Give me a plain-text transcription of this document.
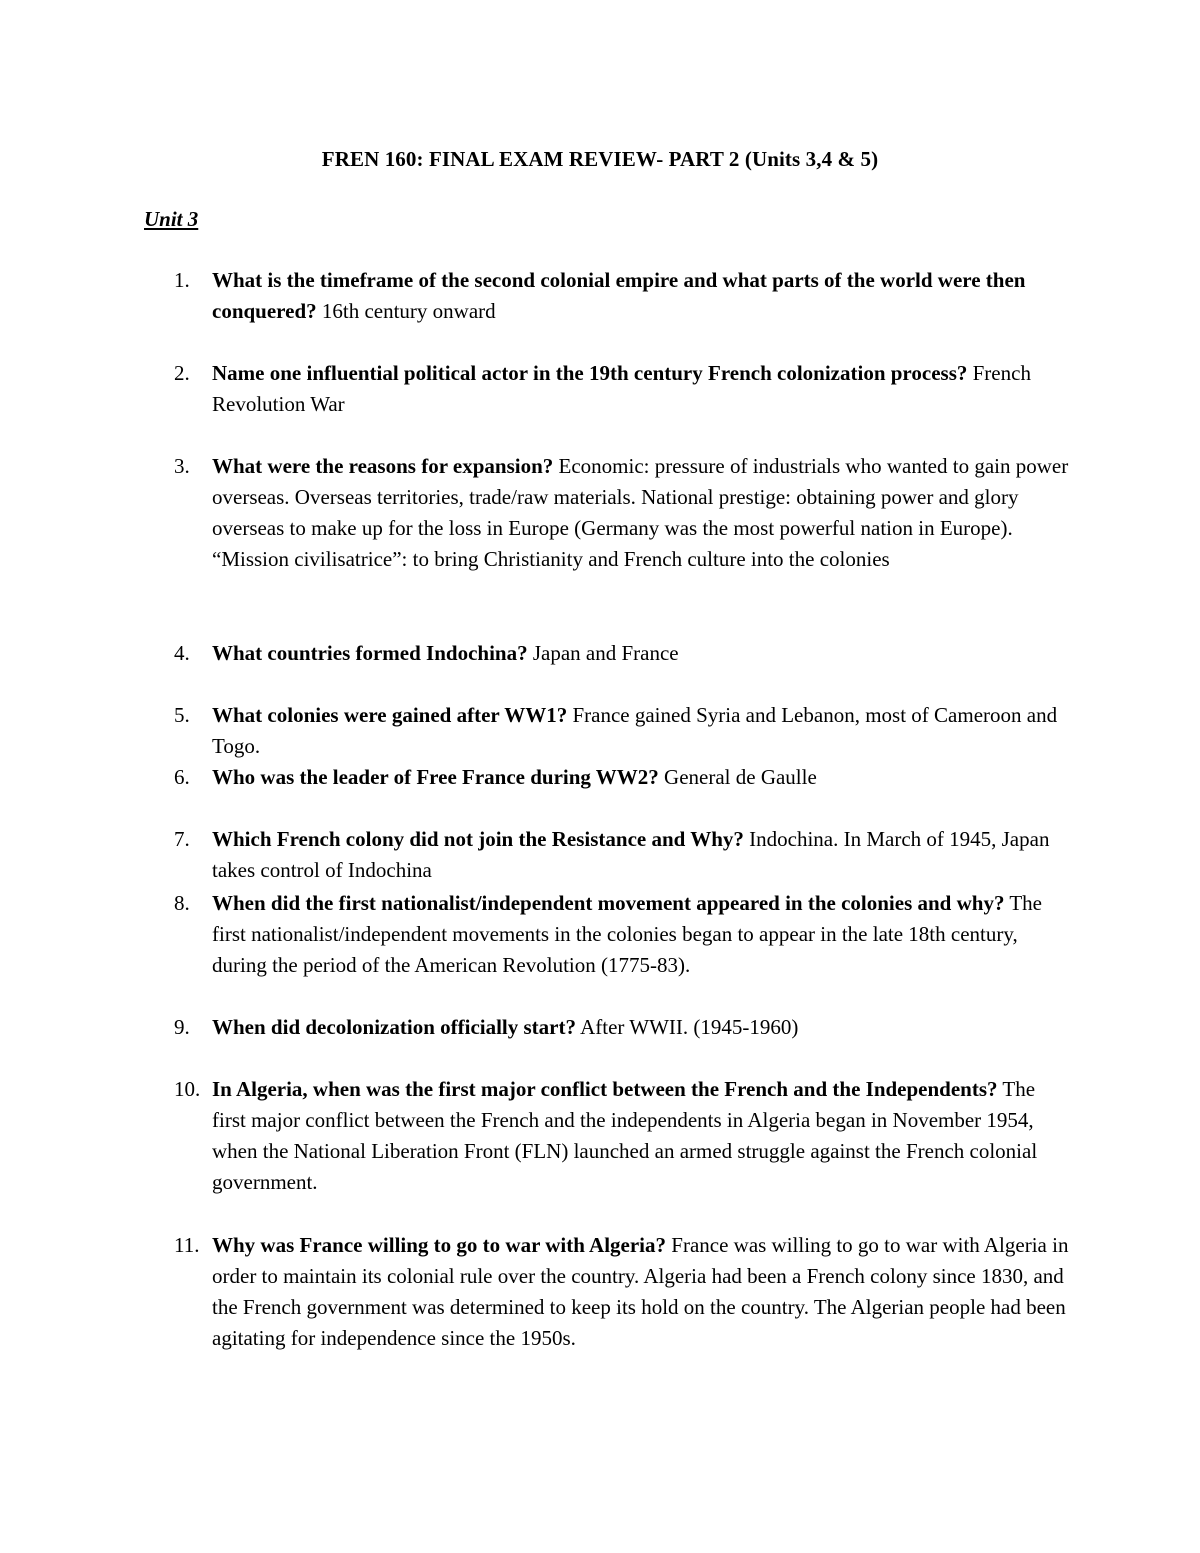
FREN 160: FINAL EXAM REVIEW- PART 2 (Units 3,4 & 5)
Unit 3
1.	What is the timeframe of the second colonial empire and what parts of the world were then conquered? 16th century onward
2.	Name one influential political actor in the 19th century French colonization process? French Revolution War
3.	What were the reasons for expansion? Economic: pressure of industrials who wanted to gain power overseas. Overseas territories, trade/raw materials. National prestige: obtaining power and glory overseas to make up for the loss in Europe (Germany was the most powerful nation in Europe). “Mission civilisatrice”: to bring Christianity and French culture into the colonies
4.	What countries formed Indochina? Japan and France
5.	What colonies were gained after WW1? France gained Syria and Lebanon, most of Cameroon and Togo.
6.	Who was the leader of Free France during WW2? General de Gaulle
7.	Which French colony did not join the Resistance and Why? Indochina. In March of 1945, Japan takes control of Indochina
8.	When did the first nationalist/independent movement appeared in the colonies and why? The first nationalist/independent movements in the colonies began to appear in the late 18th century, during the period of the American Revolution (1775-83).
9.	When did decolonization officially start? After WWII. (1945-1960)
10. In Algeria, when was the first major conflict between the French and the Independents? The first major conflict between the French and the independents in Algeria began in November 1954, when the National Liberation Front (FLN) launched an armed struggle against the French colonial government.
11. Why was France willing to go to war with Algeria? France was willing to go to war with Algeria in order to maintain its colonial rule over the country. Algeria had been a French colony since 1830, and the French government was determined to keep its hold on the country. The Algerian people had been agitating for independence since the 1950s.
